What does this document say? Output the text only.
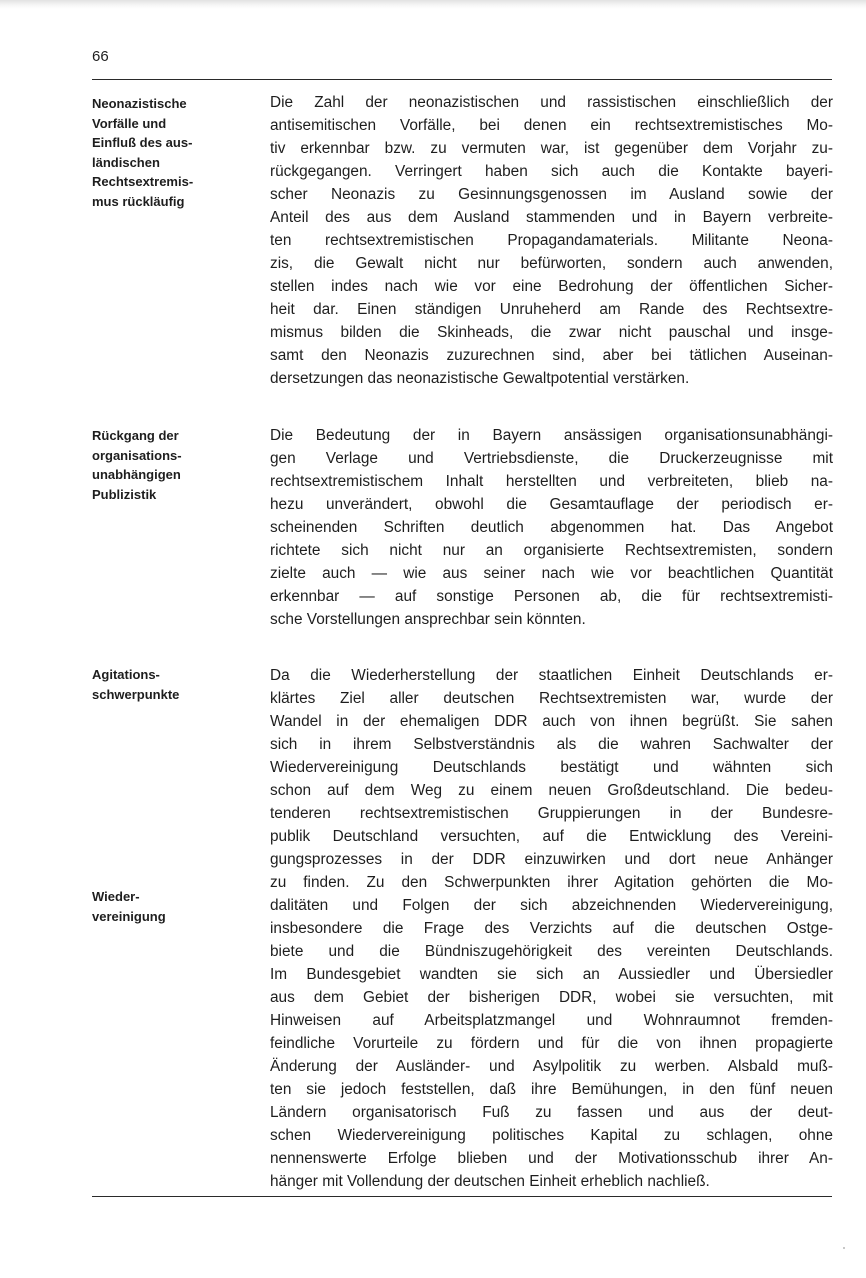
66
Neonazistische
Vorfälle und
Einfluß des aus-
ländischen
Rechtsextremis-
mus rückläufig
Rückgang der
organisations-
unabhängigen
Publizistik
Agitations-
schwerpunkte
Wieder-
vereinigung
Die Zahl der neonazistischen und rassistischen einschließlich der
antisemitischen Vorfälle, bei denen ein rechtsextremistisches Mo-
tiv erkennbar bzw. zu vermuten war, ist gegenüber dem Vorjahr zu-
rückgegangen. Verringert haben sich auch die Kontakte bayeri-
scher Neonazis zu Gesinnungsgenossen im Ausland sowie der
Anteil des aus dem Ausland stammenden und in Bayern verbreite-
ten rechtsextremistischen Propagandamaterials. Militante Neona-
zis, die Gewalt nicht nur befürworten, sondern auch anwenden,
stellen indes nach wie vor eine Bedrohung der öffentlichen Sicher-
heit dar. Einen ständigen Unruheherd am Rande des Rechtsextre-
mismus bilden die Skinheads, die zwar nicht pauschal und insge-
samt den Neonazis zuzurechnen sind, aber bei tätlichen Auseinan-
dersetzungen das neonazistische Gewaltpotential verstärken.
Die Bedeutung der in Bayern ansässigen organisationsunabhängi-
gen Verlage und Vertriebsdienste, die Druckerzeugnisse mit
rechtsextremistischem Inhalt herstellten und verbreiteten, blieb na-
hezu unverändert, obwohl die Gesamtauflage der periodisch er-
scheinenden Schriften deutlich abgenommen hat. Das Angebot
richtete sich nicht nur an organisierte Rechtsextremisten, sondern
zielte auch — wie aus seiner nach wie vor beachtlichen Quantität
erkennbar — auf sonstige Personen ab, die für rechtsextremisti-
sche Vorstellungen ansprechbar sein könnten.
Da die Wiederherstellung der staatlichen Einheit Deutschlands er-
klärtes Ziel aller deutschen Rechtsextremisten war, wurde der
Wandel in der ehemaligen DDR auch von ihnen begrüßt. Sie sahen
sich in ihrem Selbstverständnis als die wahren Sachwalter der
Wiedervereinigung Deutschlands bestätigt und wähnten sich
schon auf dem Weg zu einem neuen Großdeutschland. Die bedeu-
tenderen rechtsextremistischen Gruppierungen in der Bundesre-
publik Deutschland versuchten, auf die Entwicklung des Vereini-
gungsprozesses in der DDR einzuwirken und dort neue Anhänger
zu finden. Zu den Schwerpunkten ihrer Agitation gehörten die Mo-
dalitäten und Folgen der sich abzeichnenden Wiedervereinigung,
insbesondere die Frage des Verzichts auf die deutschen Ostge-
biete und die Bündniszugehörigkeit des vereinten Deutschlands.
Im Bundesgebiet wandten sie sich an Aussiedler und Übersiedler
aus dem Gebiet der bisherigen DDR, wobei sie versuchten, mit
Hinweisen auf Arbeitsplatzmangel und Wohnraumnot fremden-
feindliche Vorurteile zu fördern und für die von ihnen propagierte
Änderung der Ausländer- und Asylpolitik zu werben. Alsbald muß-
ten sie jedoch feststellen, daß ihre Bemühungen, in den fünf neuen
Ländern organisatorisch Fuß zu fassen und aus der deut-
schen Wiedervereinigung politisches Kapital zu schlagen, ohne
nennenswerte Erfolge blieben und der Motivationsschub ihrer An-
hänger mit Vollendung der deutschen Einheit erheblich nachließ.
